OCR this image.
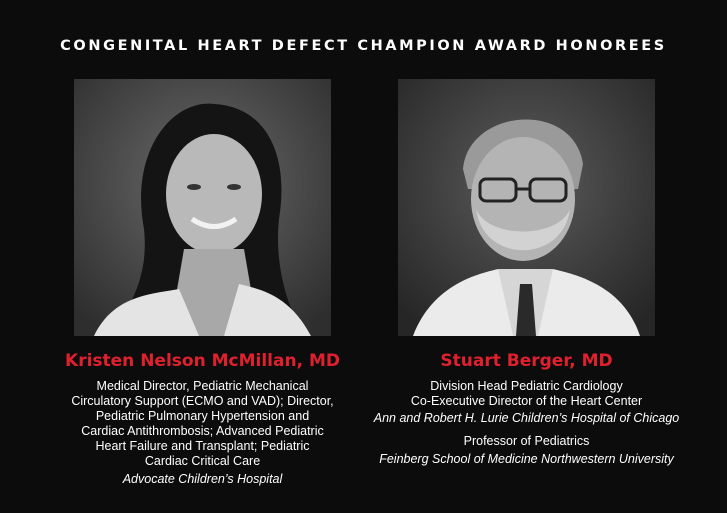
CONGENITAL HEART DEFECT CHAMPION AWARD HONOREES
Kristen Nelson McMillan, MD
Medical Director, Pediatric Mechanical
Circulatory Support (ECMO and VAD); Director,
Pediatric Pulmonary Hypertension and
Cardiac Antithrombosis; Advanced Pediatric
Heart Failure and Transplant; Pediatric
Cardiac Critical Care
Advocate Children’s Hospital
Stuart Berger, MD
Division Head Pediatric Cardiology
Co-Executive Director of the Heart Center
Ann and Robert H. Lurie Children’s Hospital of Chicago
Professor of Pediatrics
Feinberg School of Medicine Northwestern University
